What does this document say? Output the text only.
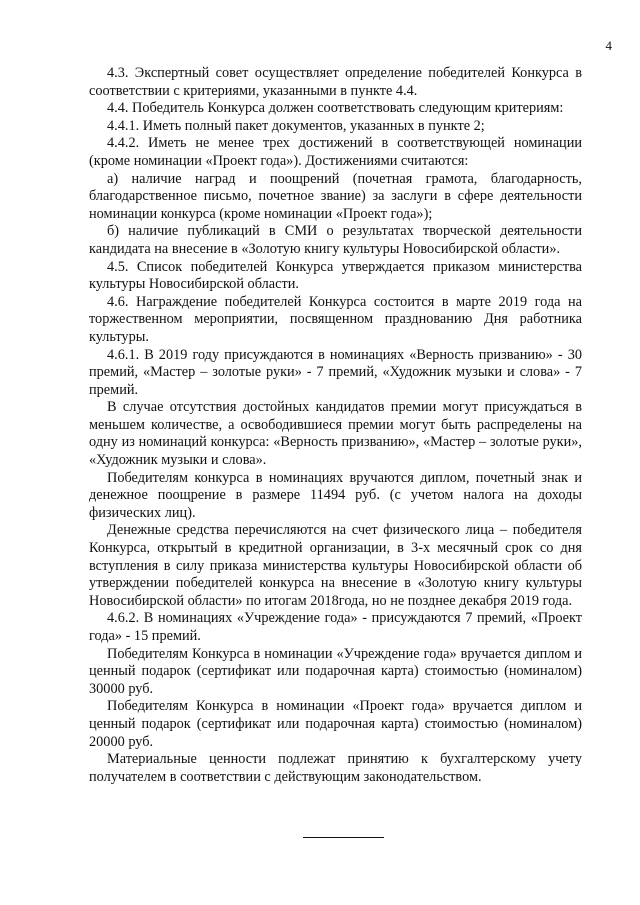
4

4.3. Экспертный совет осуществляет определение победителей Конкурса в соответствии с критериями, указанными в пункте 4.4.

4.4. Победитель Конкурса должен соответствовать следующим критериям:

4.4.1. Иметь полный пакет документов, указанных в пункте 2;

4.4.2. Иметь не менее трех достижений в соответствующей номинации (кроме номинации «Проект года»). Достижениями считаются:

а) наличие наград и поощрений (почетная грамота, благодарность, благодарственное письмо, почетное звание) за заслуги в сфере деятельности номинации конкурса (кроме номинации «Проект года»);

б) наличие публикаций в СМИ о результатах творческой деятельности кандидата на внесение в «Золотую книгу культуры Новосибирской области».

4.5. Список победителей Конкурса утверждается приказом министерства культуры Новосибирской области.

4.6. Награждение победителей Конкурса состоится в марте 2019 года на торжественном мероприятии, посвященном празднованию Дня работника культуры.

4.6.1. В 2019 году присуждаются в номинациях «Верность призванию» - 30 премий, «Мастер – золотые руки» - 7 премий, «Художник музыки и слова» - 7 премий.

В случае отсутствия достойных кандидатов премии могут присуждаться в меньшем количестве, а освободившиеся премии могут быть распределены на одну из номинаций конкурса: «Верность призванию», «Мастер – золотые руки», «Художник музыки и слова».

Победителям конкурса в номинациях вручаются диплом, почетный знак и денежное поощрение в размере 11494 руб. (с учетом налога на доходы физических лиц).

Денежные средства перечисляются на счет физического лица – победителя Конкурса, открытый в кредитной организации, в 3-х месячный срок со дня вступления в силу приказа министерства культуры Новосибирской области об утверждении победителей конкурса на внесение в «Золотую книгу культуры Новосибирской области» по итогам 2018года, но не позднее декабря 2019 года.

4.6.2. В номинациях «Учреждение года» - присуждаются 7 премий, «Проект года» - 15 премий.

Победителям Конкурса в номинации «Учреждение года» вручается диплом и ценный подарок (сертификат или подарочная карта) стоимостью (номиналом) 30000 руб.

Победителям Конкурса в номинации «Проект года» вручается диплом и ценный подарок (сертификат или подарочная карта) стоимостью (номиналом) 20000 руб.

Материальные ценности подлежат принятию к бухгалтерскому учету получателем в соответствии с действующим законодательством.
